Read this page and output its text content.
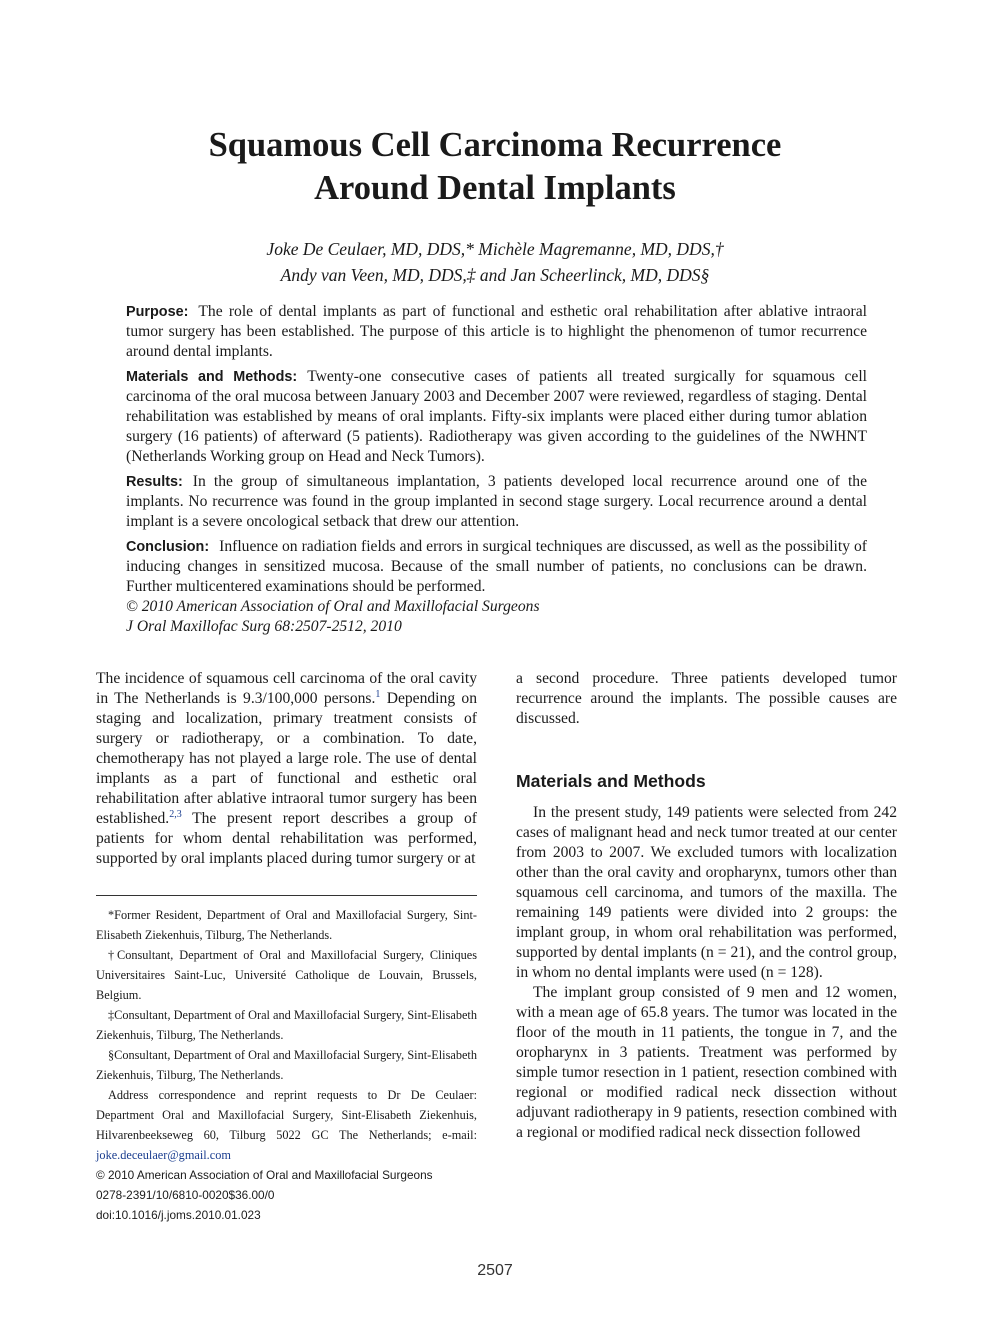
Squamous Cell Carcinoma Recurrence
Around Dental Implants
Joke De Ceulaer, MD, DDS,* Michèle Magremanne, MD, DDS,†
Andy van Veen, MD, DDS,‡ and Jan Scheerlinck, MD, DDS§

Purpose: The role of dental implants as part of functional and esthetic oral rehabilitation after ablative intraoral tumor surgery has been established. The purpose of this article is to highlight the phenomenon of tumor recurrence around dental implants.

Materials and Methods: Twenty-one consecutive cases of patients all treated surgically for squamous cell carcinoma of the oral mucosa between January 2003 and December 2007 were reviewed, regardless of staging. Dental rehabilitation was established by means of oral implants. Fifty-six implants were placed either during tumor ablation surgery (16 patients) of afterward (5 patients). Radiotherapy was given according to the guidelines of the NWHNT (Netherlands Working group on Head and Neck Tumors).

Results: In the group of simultaneous implantation, 3 patients developed local recurrence around one of the implants. No recurrence was found in the group implanted in second stage surgery. Local recurrence around a dental implant is a severe oncological setback that drew our attention.

Conclusion: Influence on radiation fields and errors in surgical techniques are discussed, as well as the possibility of inducing changes in sensitized mucosa. Because of the small number of patients, no conclusions can be drawn. Further multicentered examinations should be performed.

© 2010 American Association of Oral and Maxillofacial Surgeons

J Oral Maxillofac Surg 68:2507-2512, 2010

The incidence of squamous cell carcinoma of the oral cavity in The Netherlands is 9.3/100,000 persons.$^1$ Depending on staging and localization, primary treatment consists of surgery or radiotherapy, or a combination. To date, chemotherapy has not played a large role. The use of dental implants as a part of functional and esthetic oral rehabilitation after ablative intraoral tumor surgery has been established.$^{2,3}$ The present report describes a group of patients for whom dental rehabilitation was performed, supported by oral implants placed during tumor surgery or at

*Former Resident, Department of Oral and Maxillofacial Surgery, Sint-Elisabeth Ziekenhuis, Tilburg, The Netherlands.

†Consultant, Department of Oral and Maxillofacial Surgery, Cliniques Universitaires Saint-Luc, Université Catholique de Louvain, Brussels, Belgium.

‡Consultant, Department of Oral and Maxillofacial Surgery, Sint-Elisabeth Ziekenhuis, Tilburg, The Netherlands.

§Consultant, Department of Oral and Maxillofacial Surgery, Sint-Elisabeth Ziekenhuis, Tilburg, The Netherlands.

Address correspondence and reprint requests to Dr De Ceulaer: Department Oral and Maxillofacial Surgery, Sint-Elisabeth Ziekenhuis, Hilvarenbeekseweg 60, Tilburg 5022 GC The Netherlands; e-mail: joke.deceulaer@gmail.com

© 2010 American Association of Oral and Maxillofacial Surgeons

0278-2391/10/6810-0020$36.00/0

doi:10.1016/j.joms.2010.01.023

a second procedure. Three patients developed tumor recurrence around the implants. The possible causes are discussed.

Materials and Methods

In the present study, 149 patients were selected from 242 cases of malignant head and neck tumor treated at our center from 2003 to 2007. We excluded tumors with localization other than the oral cavity and oropharynx, tumors other than squamous cell carcinoma, and tumors of the maxilla. The remaining 149 patients were divided into 2 groups: the implant group, in whom oral rehabilitation was performed, supported by dental implants (n = 21), and the control group, in whom no dental implants were used (n = 128).

The implant group consisted of 9 men and 12 women, with a mean age of 65.8 years. The tumor was located in the floor of the mouth in 11 patients, the tongue in 7, and the oropharynx in 3 patients. Treatment was performed by simple tumor resection in 1 patient, resection combined with regional or modified radical neck dissection without adjuvant radiotherapy in 9 patients, resection combined with a regional or modified radical neck dissection followed

2507
